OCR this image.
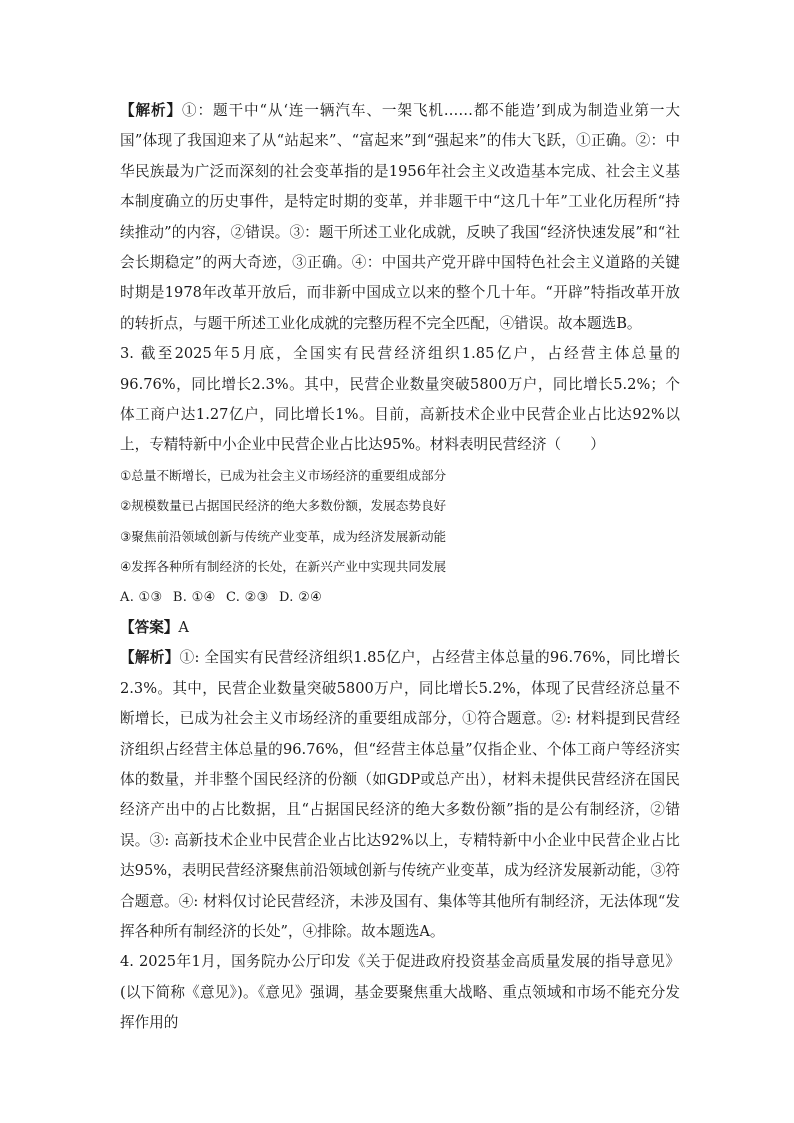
【解析】①：题干中“从‘连一辆汽车、一架飞机……都不能造’到成为制造业第一大国”体现了我国迎来了从“站起来”、“富起来”到“强起来”的伟大飞跃，①正确。②：中华民族最为广泛而深刻的社会变革指的是1956年社会主义改造基本完成、社会主义基本制度确立的历史事件，是特定时期的变革，并非题干中“这几十年”工业化历程所“持续推动”的内容，②错误。③：题干所述工业化成就，反映了我国“经济快速发展”和“社会长期稳定”的两大奇迹，③正确。④：中国共产党开辟中国特色社会主义道路的关键时期是1978年改革开放后，而非新中国成立以来的整个几十年。“开辟”特指改革开放的转折点，与题干所述工业化成就的完整历程不完全匹配，④错误。故本题选B。

3. 截至2025年5月底，全国实有民营经济组织1.85亿户，占经营主体总量的96.76%，同比增长2.3%。其中，民营企业数量突破5800万户，同比增长5.2%；个体工商户达1.27亿户，同比增长1%。目前，高新技术企业中民营企业占比达92%以上，专精特新中小企业中民营企业占比达95%。材料表明民营经济（　　）

①总量不断增长，已成为社会主义市场经济的重要组成部分

②规模数量已占据国民经济的绝大多数份额，发展态势良好

③聚焦前沿领域创新与传统产业变革，成为经济发展新动能

④发挥各种所有制经济的长处，在新兴产业中实现共同发展

A. ①③ B. ①④ C. ②③ D. ②④

【答案】A

【解析】①: 全国实有民营经济组织1.85亿户，占经营主体总量的96.76%，同比增长2.3%。其中，民营企业数量突破5800万户，同比增长5.2%，体现了民营经济总量不断增长，已成为社会主义市场经济的重要组成部分，①符合题意。②: 材料提到民营经济组织占经营主体总量的96.76%，但“经营主体总量”仅指企业、个体工商户等经济实体的数量，并非整个国民经济的份额（如GDP或总产出），材料未提供民营经济在国民经济产出中的占比数据，且“占据国民经济的绝大多数份额”指的是公有制经济，②错误。③: 高新技术企业中民营企业占比达92%以上，专精特新中小企业中民营企业占比达95%，表明民营经济聚焦前沿领域创新与传统产业变革，成为经济发展新动能，③符合题意。④: 材料仅讨论民营经济，未涉及国有、集体等其他所有制经济，无法体现“发挥各种所有制经济的长处”，④排除。故本题选A。

4. 2025年1月，国务院办公厅印发《关于促进政府投资基金高质量发展的指导意见》(以下简称《意见》)。《意见》强调，基金要聚焦重大战略、重点领域和市场不能充分发挥作用的
